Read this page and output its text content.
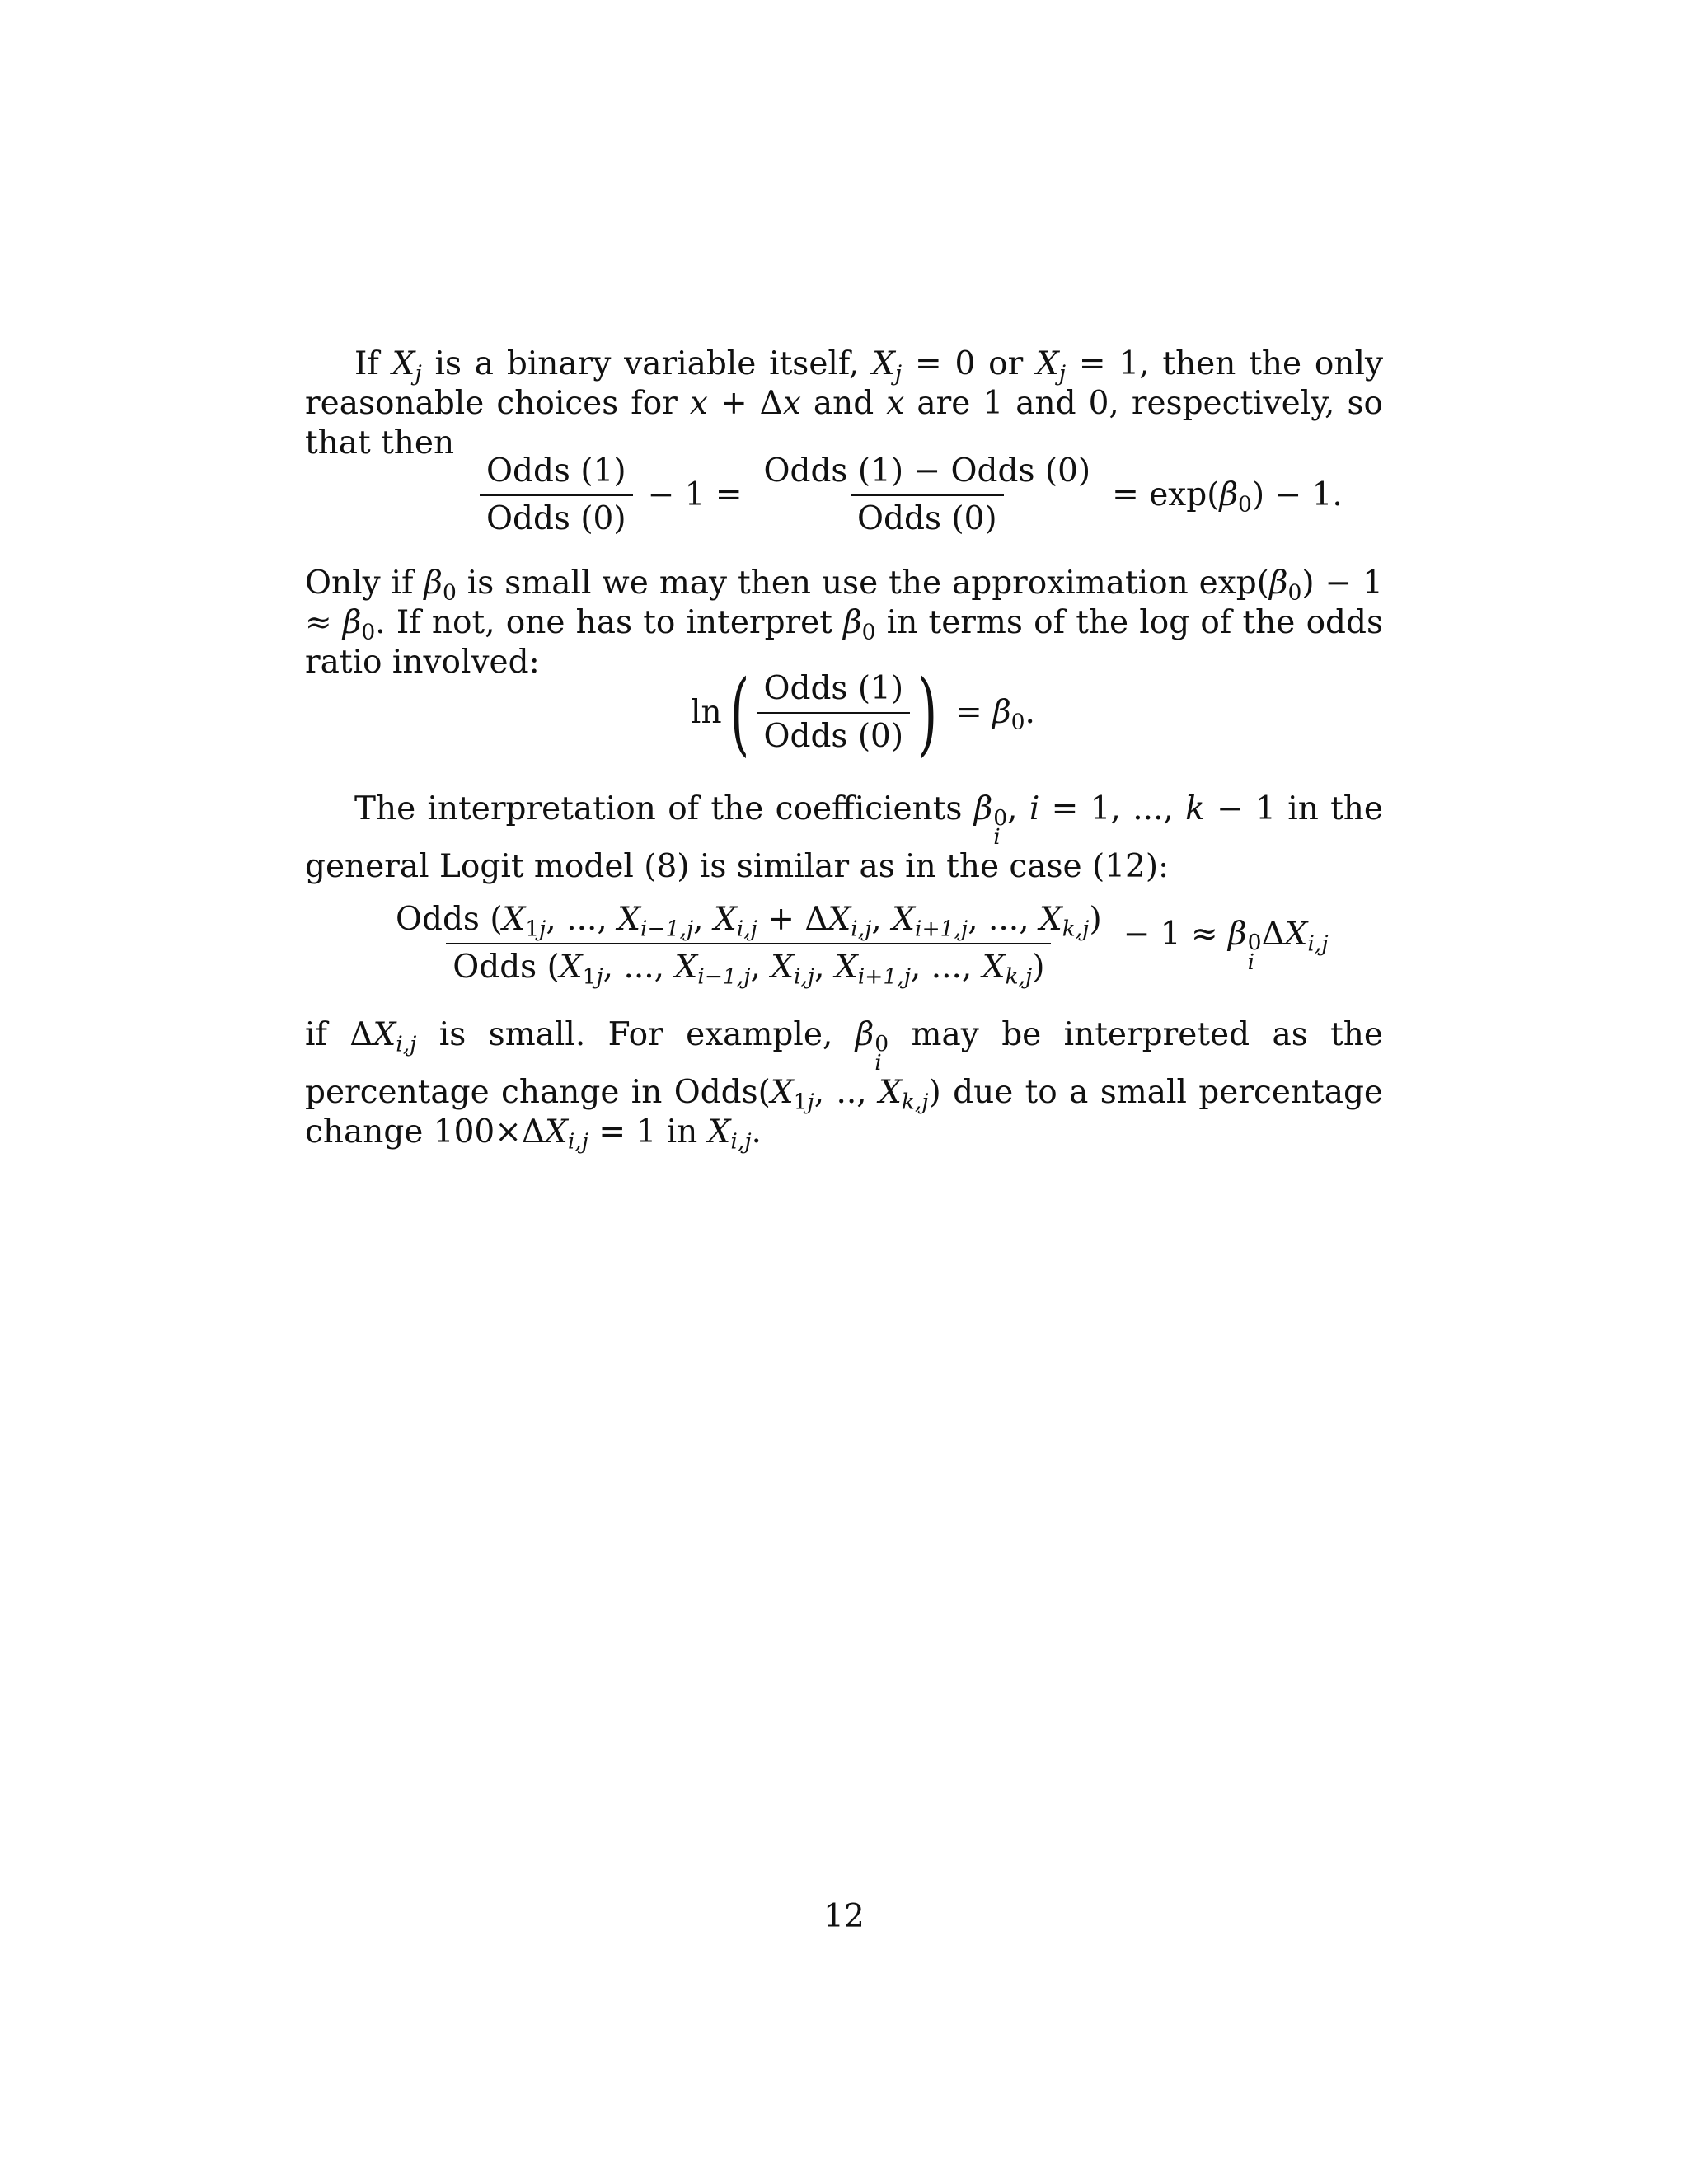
If $X_j$ is a binary variable itself, $X_j = 0$ or $X_j = 1$, then the only reasonable choices for x + Δx and x are 1 and 0, respectively, so that then
$\frac{\text{Odds (1)}}{\text{Odds (0)}} - 1 = \frac{\text{Odds (1) − Odds (0)}}{\text{Odds (0)}} = \exp(\beta_0) - 1$.
Only if $\beta_0$ is small we may then use the approximation $\exp(\beta_0) - 1 \approx \beta_0$. If not, one has to interpret $\beta_0$ in terms of the log of the odds ratio involved:
ln ( $\frac{\text{Odds (1)}}{\text{Odds (0)}}$ ) = $\beta_0$.
The interpretation of the coefficients β 0
i
, i = 1, ..., k − 1 in the general Logit model (8) is similar as in the case (12):
$\frac{Odds (X_{1j}, ..., X_{i-1,j}, X_{i,j} + \Delta X_{i,j}, X_{i+1,j}, ..., X_{k,j})}{Odds (X_{1j}, ..., X_{i-1,j}, X_{i,j}, X_{i+1,j}, ..., X_{k,j})} - 1 \approx \beta$ 0
i
$\Delta X_{i,j}$
if $\Delta X_{i,j}$ is small. For example, β 0
i
may be interpreted as the percentage change in $Odds(X_{1j}$, .., $X_{k,j}$) due to a small percentage change $100\times\Delta X_{i,j} = 1$ in $X_{i,j}$.
12
